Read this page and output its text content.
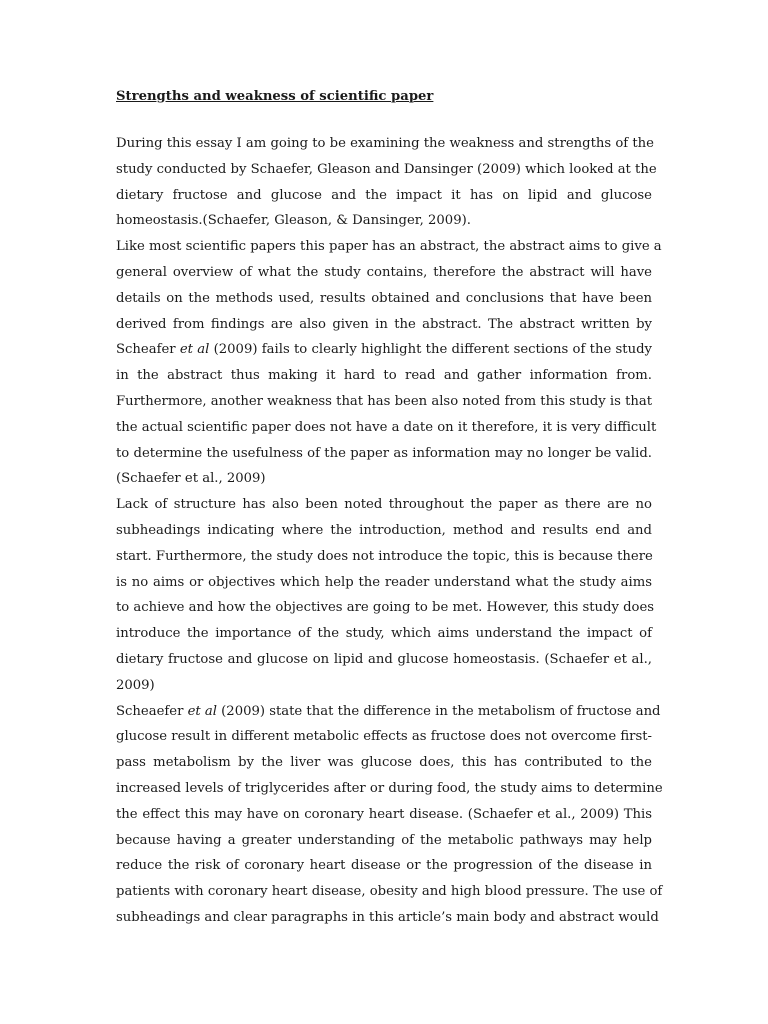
Strengths and weakness of scientific paper
During this essay I am going to be examining the weakness and strengths of the
study conducted by Schaefer, Gleason and Dansinger (2009) which looked at the
dietary fructose and glucose and the impact it has on lipid and glucose
homeostasis.(Schaefer, Gleason, & Dansinger, 2009).
Like most scientific papers this paper has an abstract, the abstract aims to give a
general overview of what the study contains, therefore the abstract will have
details on the methods used, results obtained and conclusions that have been
derived from findings are also given in the abstract. The abstract written by
Scheafer et al (2009) fails to clearly highlight the different sections of the study
in the abstract thus making it hard to read and gather information from.
Furthermore, another weakness that has been also noted from this study is that
the actual scientific paper does not have a date on it therefore, it is very difficult
to determine the usefulness of the paper as information may no longer be valid.
(Schaefer et al., 2009)
Lack of structure has also been noted throughout the paper as there are no
subheadings indicating where the introduction, method and results end and
start. Furthermore, the study does not introduce the topic, this is because there
is no aims or objectives which help the reader understand what the study aims
to achieve and how the objectives are going to be met. However, this study does
introduce the importance of the study, which aims understand the impact of
dietary fructose and glucose on lipid and glucose homeostasis. (Schaefer et al.,
2009)
Scheaefer et al (2009) state that the difference in the metabolism of fructose and
glucose result in different metabolic effects as fructose does not overcome first-
pass metabolism by the liver was glucose does, this has contributed to the
increased levels of triglycerides after or during food, the study aims to determine
the effect this may have on coronary heart disease. (Schaefer et al., 2009) This
because having a greater understanding of the metabolic pathways may help
reduce the risk of coronary heart disease or the progression of the disease in
patients with coronary heart disease, obesity and high blood pressure. The use of
subheadings and clear paragraphs in this article’s main body and abstract would
